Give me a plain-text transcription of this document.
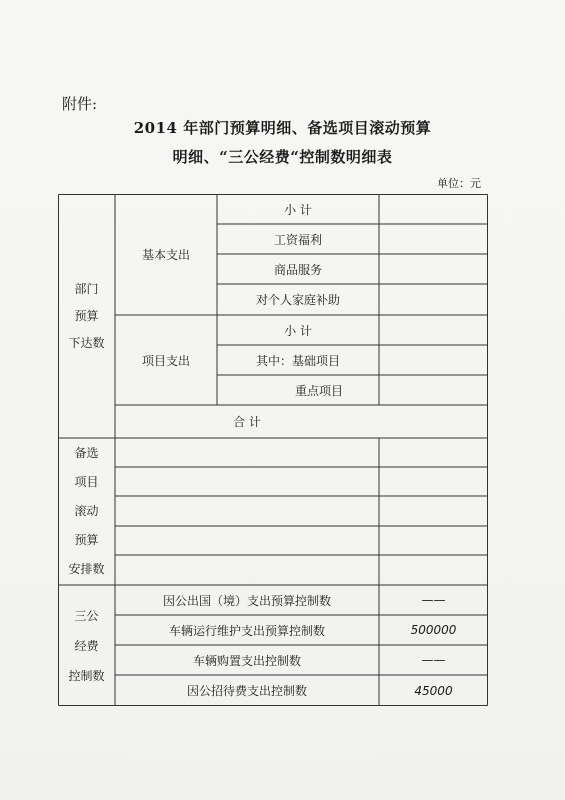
附件:
2014 年部门预算明细、备选项目滚动预算
明细、“三公经费“控制数明细表
单位：元
部门
预算
下达数
基本支出
小 计
工资福利
商品服务
对个人家庭补助
项目支出
小 计
其中：基础项目
重点项目
合 计
备选
项目
滚动
预算
安排数
三公
经费
控制数
因公出国（境）支出预算控制数
车辆运行维护支出预算控制数
车辆购置支出控制数
因公招待费支出控制数
——
500000
——
45000
